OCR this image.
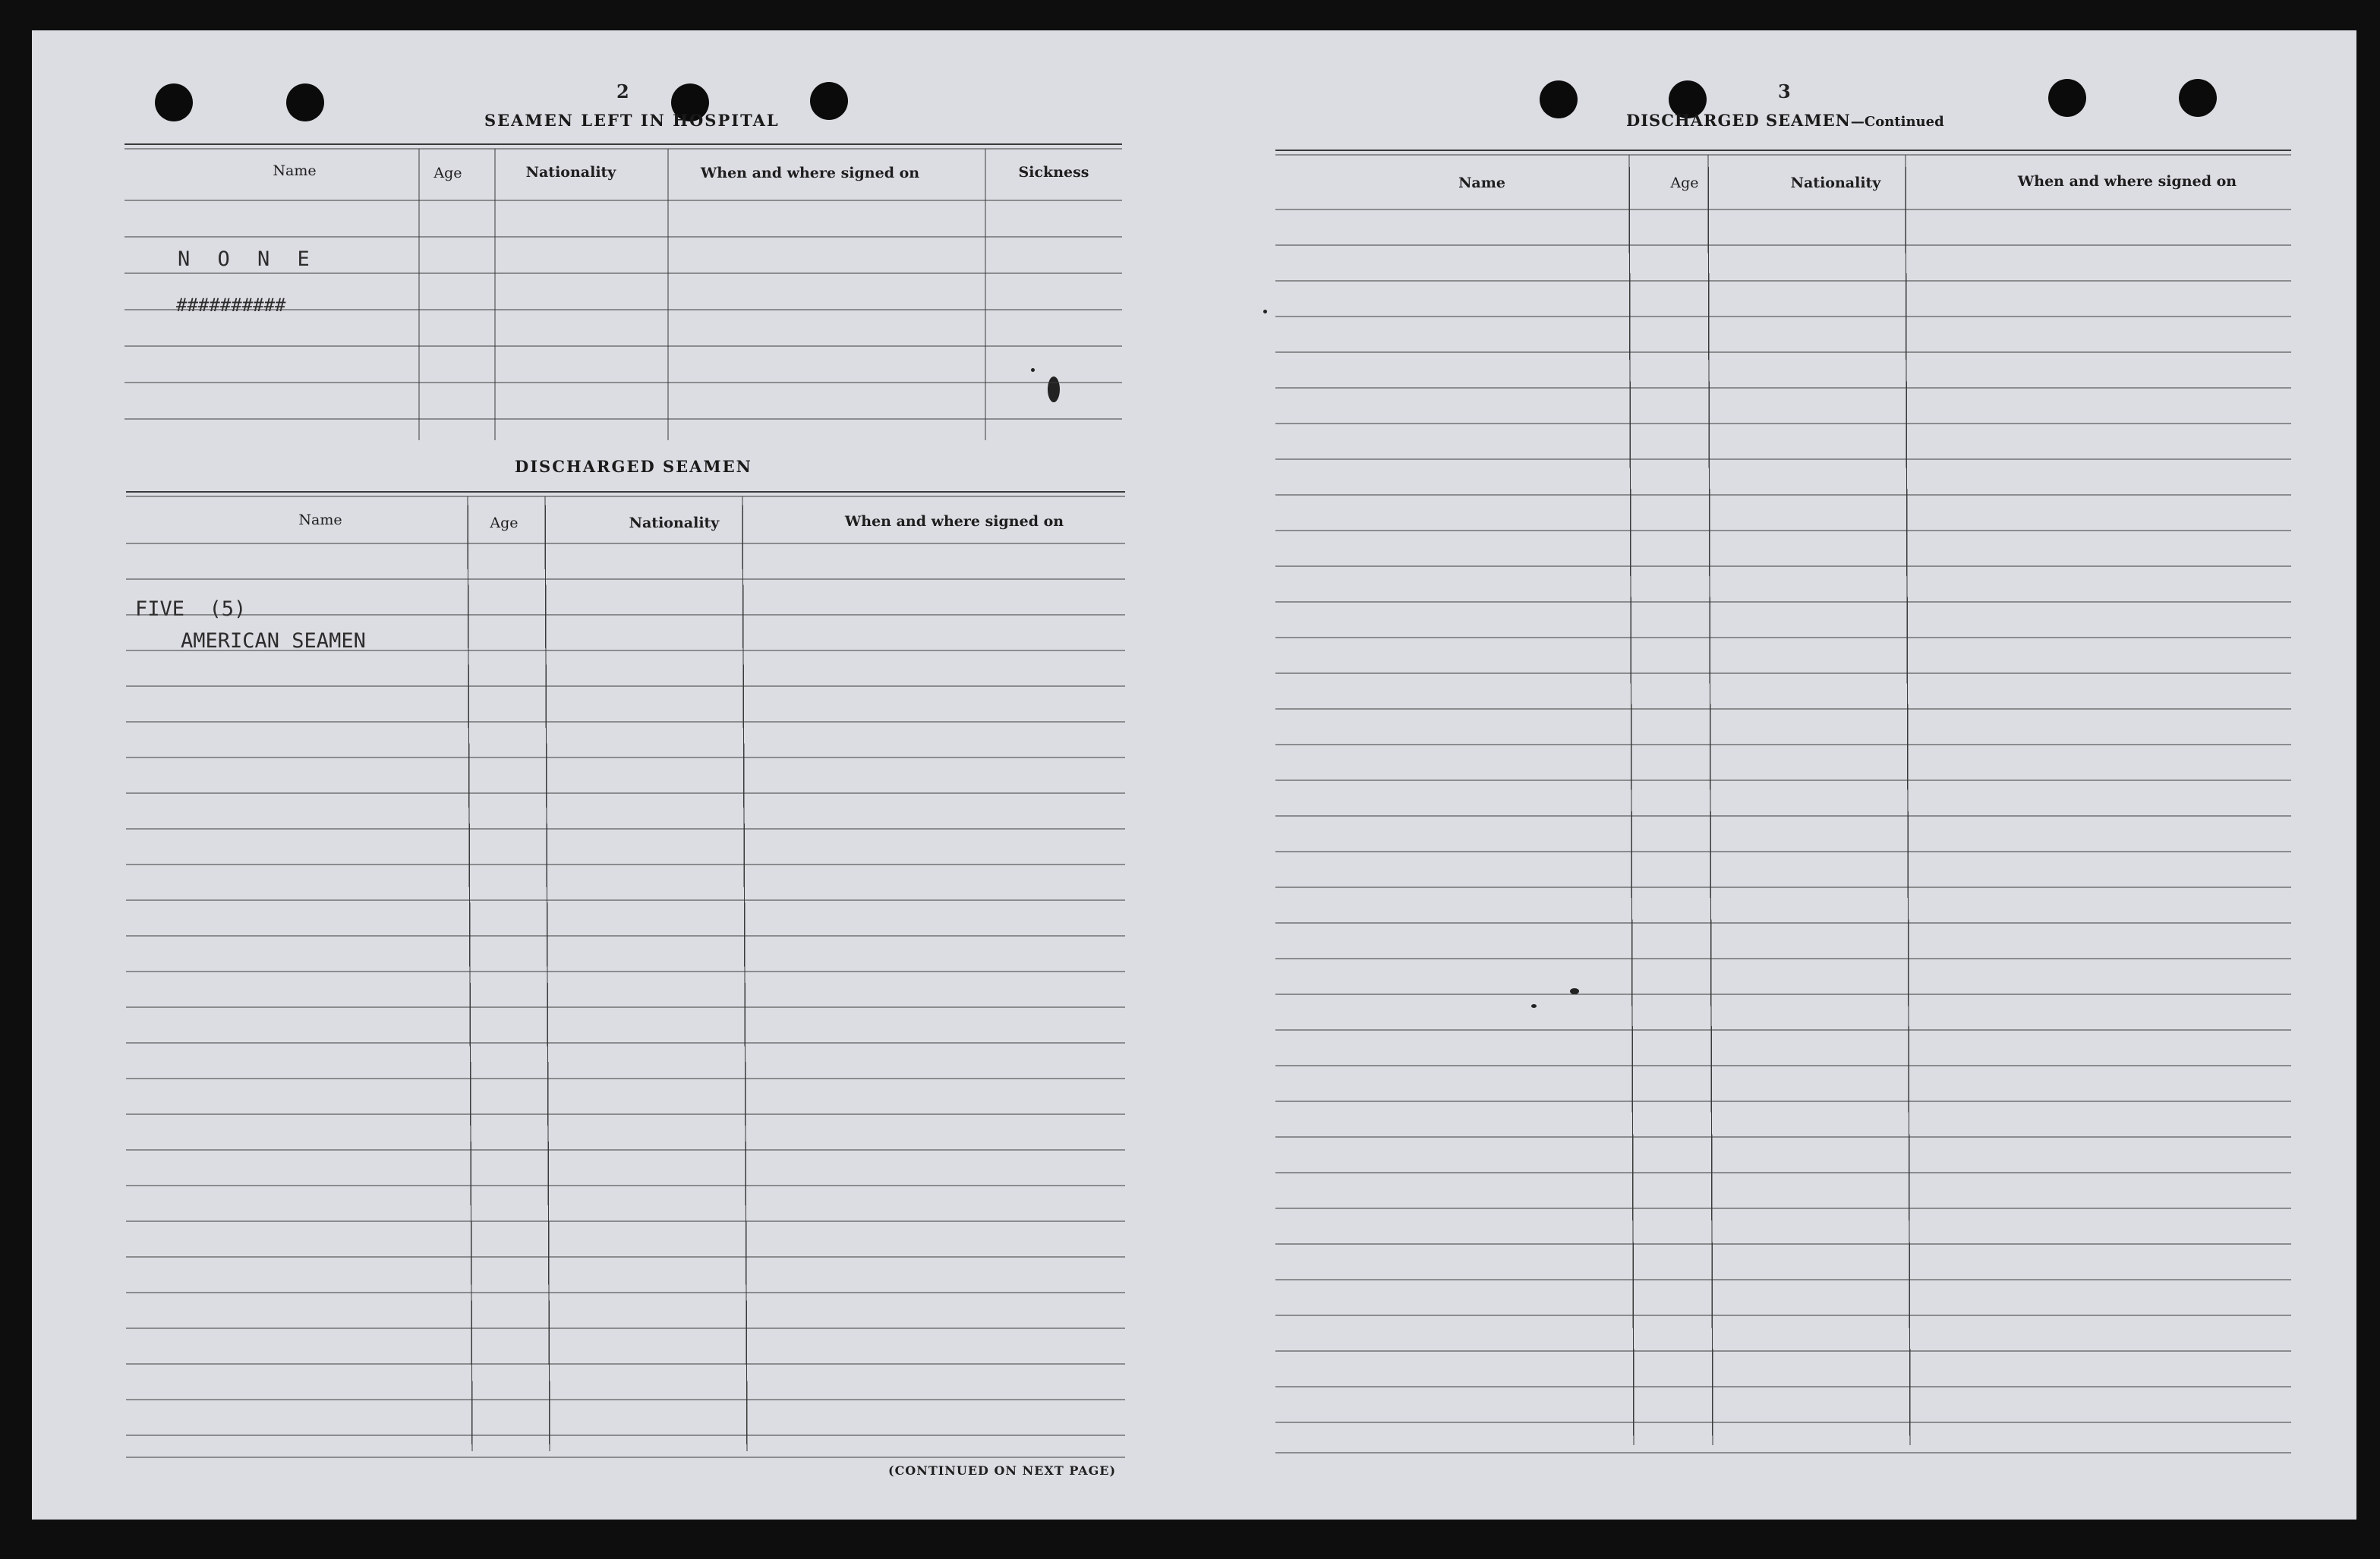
2
SEAMEN LEFT IN HOSPITAL
Name	Age	Nationality	When and where signed on	Sickness
N O N E
##########
DISCHARGED SEAMEN
Name	Age	Nationality	When and where signed on
FIVE  (5)
AMERICAN SEAMEN
(CONTINUED ON NEXT PAGE)
3
DISCHARGED SEAMEN—Continued
Name	Age	Nationality	When and where signed on
